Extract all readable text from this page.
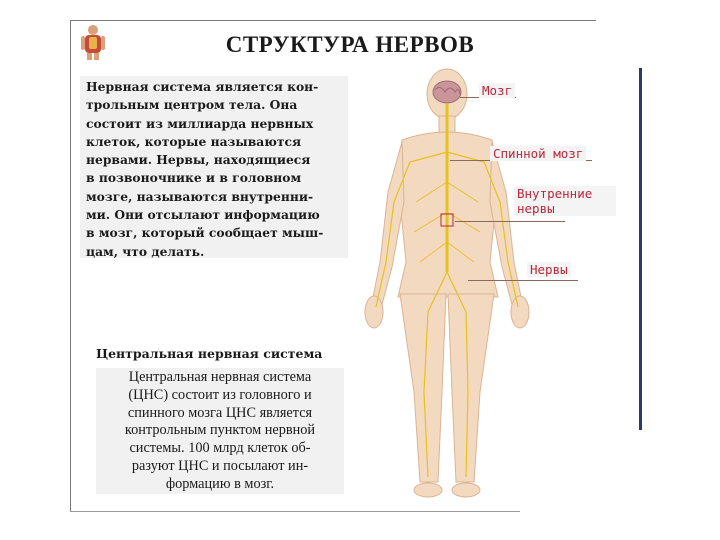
СТРУКТУРА НЕРВОВ
Нервная система является кон-
трольным центром тела. Она
состоит из миллиарда нервных
клеток, которые называются
нервами. Нервы, находящиеся
в позвоночнике и в головном
мозге, называются внутренни-
ми. Они отсылают информацию
в мозг, который сообщает мыш-
цам, что делать.
Центральная нервная система
Центральная нервная система
(ЦНС) состоит из головного и
спинного мозга ЦНС является
контрольным пунктом нервной
системы. 100 млрд клеток об-
разуют ЦНС и посылают ин-
формацию в мозг.
Мозг
Спинной мозг
Внутренние
нервы
Нервы
